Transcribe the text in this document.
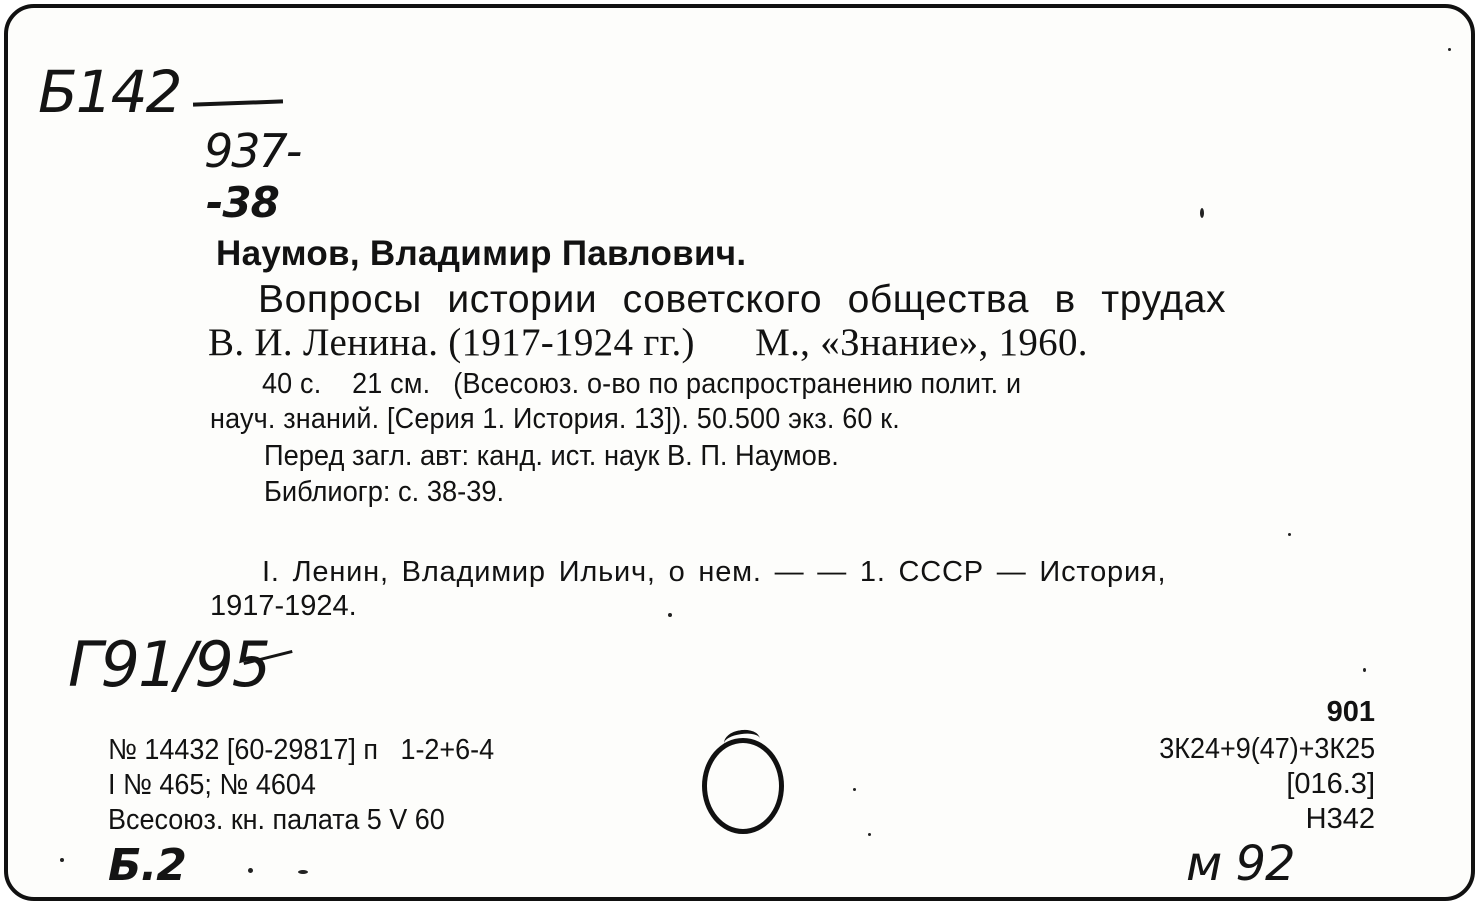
Б142
937-
-38
Наумов, Владимир Павлович.
Вопросы истории советского общества в трудах
В. И. Ленина. (1917-1924 гг.)      М., «Знание», 1960.
40 с.    21 см.   (Всесоюз. о-во по распространению полит. и
науч. знаний. [Серия 1. История. 13]). 50.500 экз. 60 к.
Перед загл. авт: канд. ист. наук В. П. Наумов.
Библиогр: с. 38-39.
I. Ленин, Владимир Ильич, о нем. — — 1. СССР — История,
1917-1924.
Г91/95
№ 14432 [60-29817] п   1-2+6-4
I № 465; № 4604
Всесоюз. кн. палата 5 V 60
901
3К24+9(47)+3К25
[016.3]
Н342
Б.2	м 92
